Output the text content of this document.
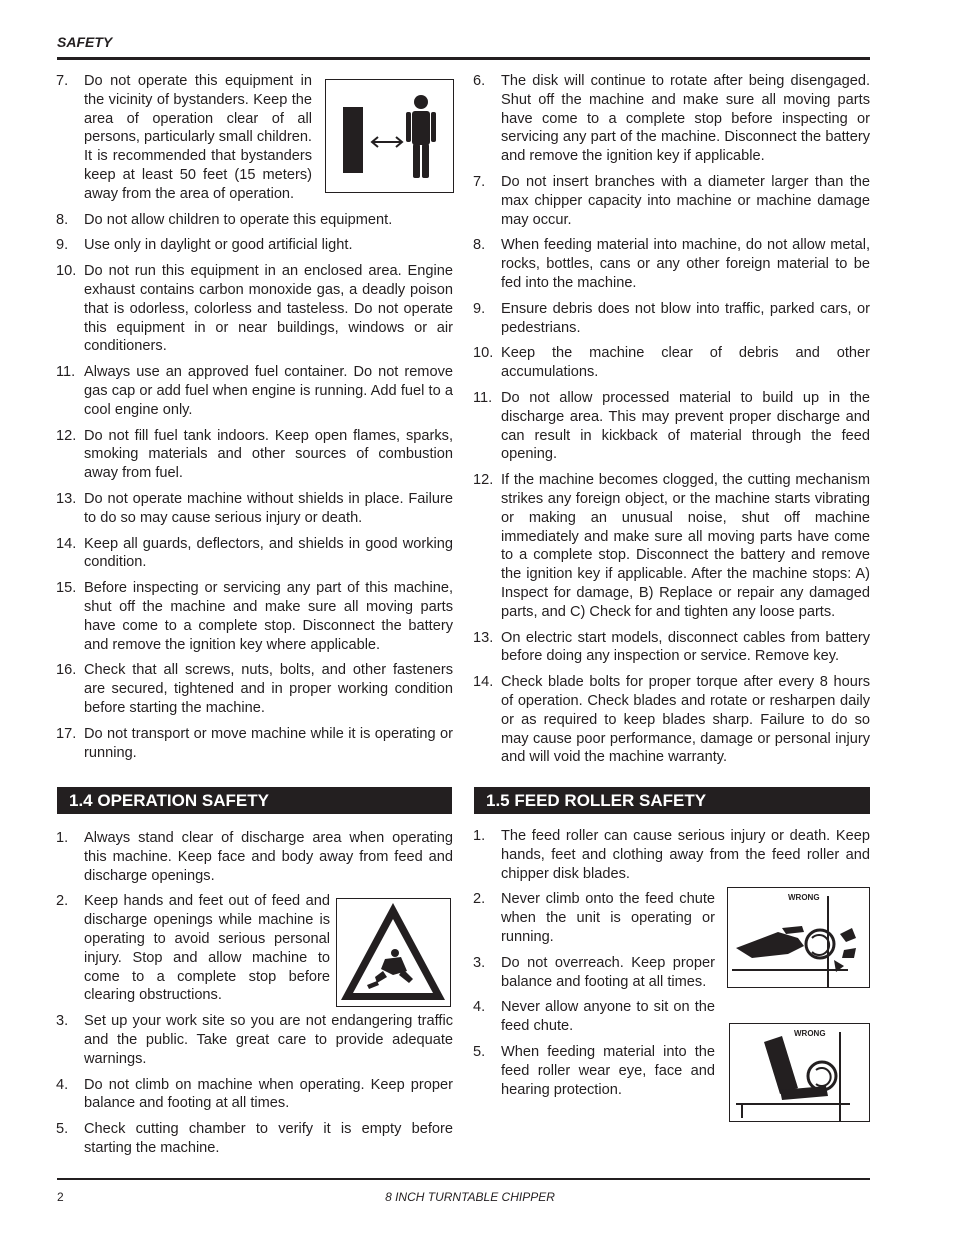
SAFETY
7. Do not operate this equipment in the vicinity of bystanders. Keep the area of operation clear of all persons, particularly small children. It is recommended that bystanders keep at least 50 feet (15 meters) away from the area of operation.
8. Do not allow children to operate this equipment.
9. Use only in daylight or good artificial light.
10. Do not run this equipment in an enclosed area. Engine exhaust contains carbon monoxide gas, a deadly poison that is odorless, colorless and tasteless. Do not operate this equipment in or near buildings, windows or air conditioners.
11. Always use an approved fuel container. Do not remove gas cap or add fuel when engine is running. Add fuel to a cool engine only.
12. Do not fill fuel tank indoors. Keep open flames, sparks, smoking materials and other sources of combustion away from fuel.
13. Do not operate machine without shields in place. Failure to do so may cause serious injury or death.
14. Keep all guards, deflectors, and shields in good working condition.
15. Before inspecting or servicing any part of this machine, shut off the machine and make sure all moving parts have come to a complete stop. Disconnect the battery and remove the ignition key where applicable.
16. Check that all screws, nuts, bolts, and other fasteners are secured, tightened and in proper working condition before starting the machine.
17. Do not transport or move machine while it is operating or running.
1.4 OPERATION SAFETY
1. Always stand clear of discharge area when operating this machine. Keep face and body away from feed and discharge openings.
2. Keep hands and feet out of feed and discharge openings while machine is operating to avoid serious personal injury. Stop and allow machine to come to a complete stop before clearing obstructions.
3. Set up your work site so you are not endangering traffic and the public. Take great care to provide adequate warnings.
4. Do not climb on machine when operating. Keep proper balance and footing at all times.
5. Check cutting chamber to verify it is empty before starting the machine.
6. The disk will continue to rotate after being disengaged. Shut off the machine and make sure all moving parts have come to a complete stop before inspecting or servicing any part of the machine. Disconnect the battery and remove the ignition key if applicable.
7. Do not insert branches with a diameter larger than the max chipper capacity into machine or machine damage may occur.
8. When feeding material into machine, do not allow metal, rocks, bottles, cans or any other foreign material to be fed into the machine.
9. Ensure debris does not blow into traffic, parked cars, or pedestrians.
10. Keep the machine clear of debris and other accumulations.
11. Do not allow processed material to build up in the discharge area. This may prevent proper discharge and can result in kickback of material through the feed opening.
12. If the machine becomes clogged, the cutting mechanism strikes any foreign object, or the machine starts vibrating or making an unusual noise, shut off machine immediately and make sure all moving parts have come to a complete stop. Disconnect the battery and remove the ignition key if applicable. After the machine stops: A) Inspect for damage, B) Replace or repair any damaged parts, and C) Check for and tighten any loose parts.
13. On electric start models, disconnect cables from battery before doing any inspection or service. Remove key.
14. Check blade bolts for proper torque after every 8 hours of operation. Check blades and rotate or resharpen daily or as required to keep blades sharp. Failure to do so may cause poor performance, damage or personal injury and will void the machine warranty.
1.5 FEED ROLLER SAFETY
1. The feed roller can cause serious injury or death. Keep hands, feet and clothing away from the feed roller and chipper disk blades.
2. Never climb onto the feed chute when the unit is operating or running.
3. Do not overreach. Keep proper balance and footing at all times.
4. Never allow anyone to sit on the feed chute.
5. When feeding material into the feed roller wear eye, face and hearing protection.
WRONG
WRONG
2	8 INCH TURNTABLE CHIPPER
